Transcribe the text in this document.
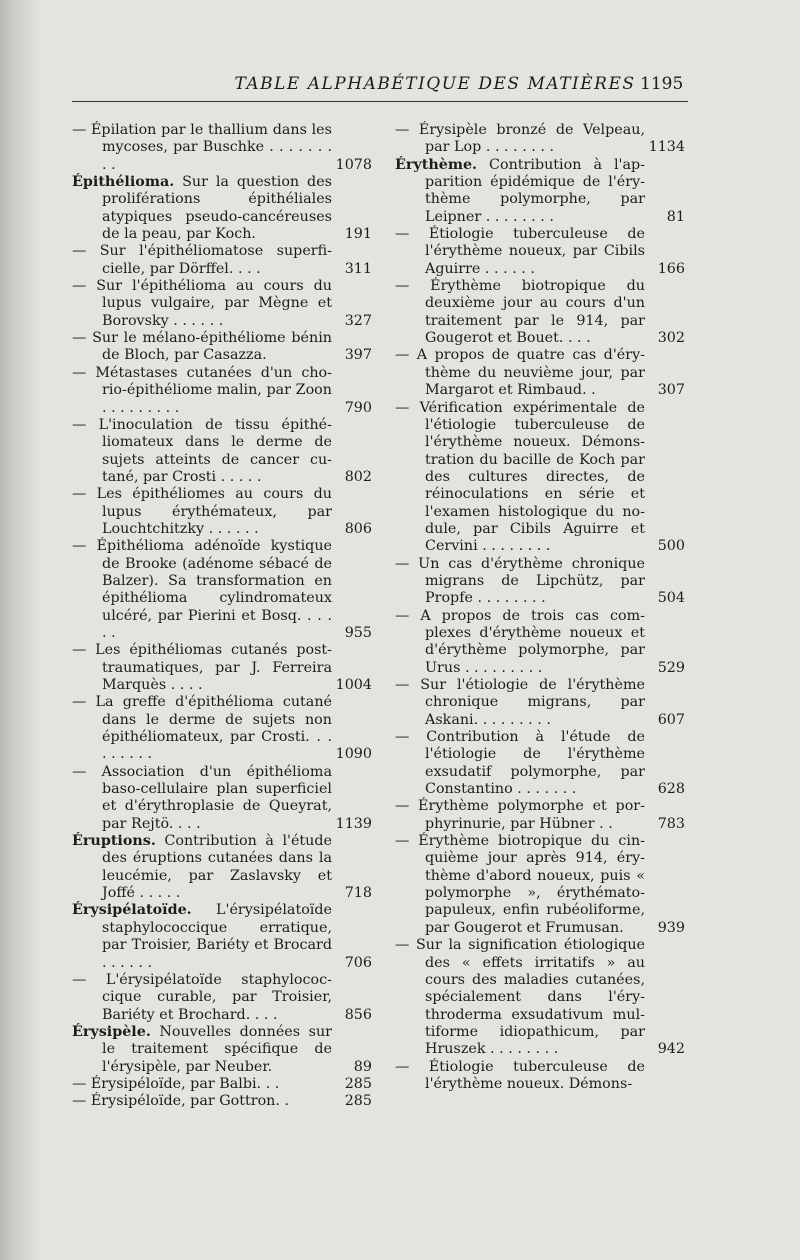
TABLE ALPHABÉTIQUE DES MATIÈRES 1195

— Épilation par le thallium dans les mycoses, par Buschke . . . . . . . . .	1078

Épithélioma. Sur la question des proliférations épithéliales atypiques pseudo-cancéreuses de la peau, par Koch.	191

— Sur l'épithéliomatose superficielle, par Dörffel. . . .	311

— Sur l'épithélioma au cours du lupus vulgaire, par Mègne et Borovsky . . . . . .	327

— Sur le mélano-épithéliome bénin de Bloch, par Casazza.	397

— Métastases cutanées d'un chorio-épithéliome malin, par Zoon . . . . . . . . .	790

— L'inoculation de tissu épithéliomateux dans le derme de sujets atteints de cancer cutané, par Crosti . . . . .	802

— Les épithéliomes au cours du lupus érythémateux, par Louchtchitzky . . . . . .	806

— Épithélioma adénoïde kystique de Brooke (adénome sébacé de Balzer). Sa transformation en épithélioma cylindromateux ulcéré, par Pierini et Bosq. . . . . .	955

— Les épithéliomas cutanés post-traumatiques, par J. Ferreira Marquès . . . .	1004

— La greffe d'épithélioma cutané dans le derme de sujets non épithéliomateux, par Crosti. . . . . . . . .	1090

— Association d'un épithélioma baso-cellulaire plan superficiel et d'érythroplasie de Queyrat, par Rejtö. . . .	1139

Éruptions. Contribution à l'étude des éruptions cutanées dans la leucémie, par Zaslavsky et Joffé . . . . .	718

Érysipélatoïde. L'érysipélatoïde staphylococcique erratique, par Troisier, Bariéty et Brocard . . . . . .	706

— L'érysipélatoïde staphylococcique curable, par Troisier, Bariéty et Brochard. . . .	856

Érysipèle. Nouvelles données sur le traitement spécifique de l'érysipèle, par Neuber.	89

— Érysipéloïde, par Balbi. . .	285

— Érysipéloïde, par Gottron. .	285

— Érysipèle bronzé de Velpeau, par Lop . . . . . . . .	1134

Érythème. Contribution à l'apparition épidémique de l'érythème polymorphe, par Leipner . . . . . . . .	81

— Étiologie tuberculeuse de l'érythème noueux, par Cibils Aguirre . . . . . .	166

— Érythème biotropique du deuxième jour au cours d'un traitement par le 914, par Gougerot et Bouet. . . .	302

— A propos de quatre cas d'érythème du neuvième jour, par Margarot et Rimbaud. .	307

— Vérification expérimentale de l'étiologie tuberculeuse de l'érythème noueux. Démonstration du bacille de Koch par des cultures directes, de réinoculations en série et l'examen histologique du nodule, par Cibils Aguirre et Cervini . . . . . . . .	500

— Un cas d'érythème chronique migrans de Lipchütz, par Propfe . . . . . . . .	504

— A propos de trois cas complexes d'érythème noueux et d'érythème polymorphe, par Urus . . . . . . . . .	529

— Sur l'étiologie de l'érythème chronique migrans, par Askani. . . . . . . . .	607

— Contribution à l'étude de l'étiologie de l'érythème exsudatif polymorphe, par Constantino . . . . . . .	628

— Érythème polymorphe et porphyrinurie, par Hübner . .	783

— Érythème biotropique du cinquième jour après 914, érythème d'abord noueux, puis « polymorphe », érythématopapuleux, enfin rubéoliforme, par Gougerot et Frumusan.	939

— Sur la signification étiologique des « effets irritatifs » au cours des maladies cutanées, spécialement dans l'érythroderma exsudativum multiforme idiopathicum, par Hruszek . . . . . . . .	942

— Étiologie tuberculeuse de l'érythème noueux. Démons-
